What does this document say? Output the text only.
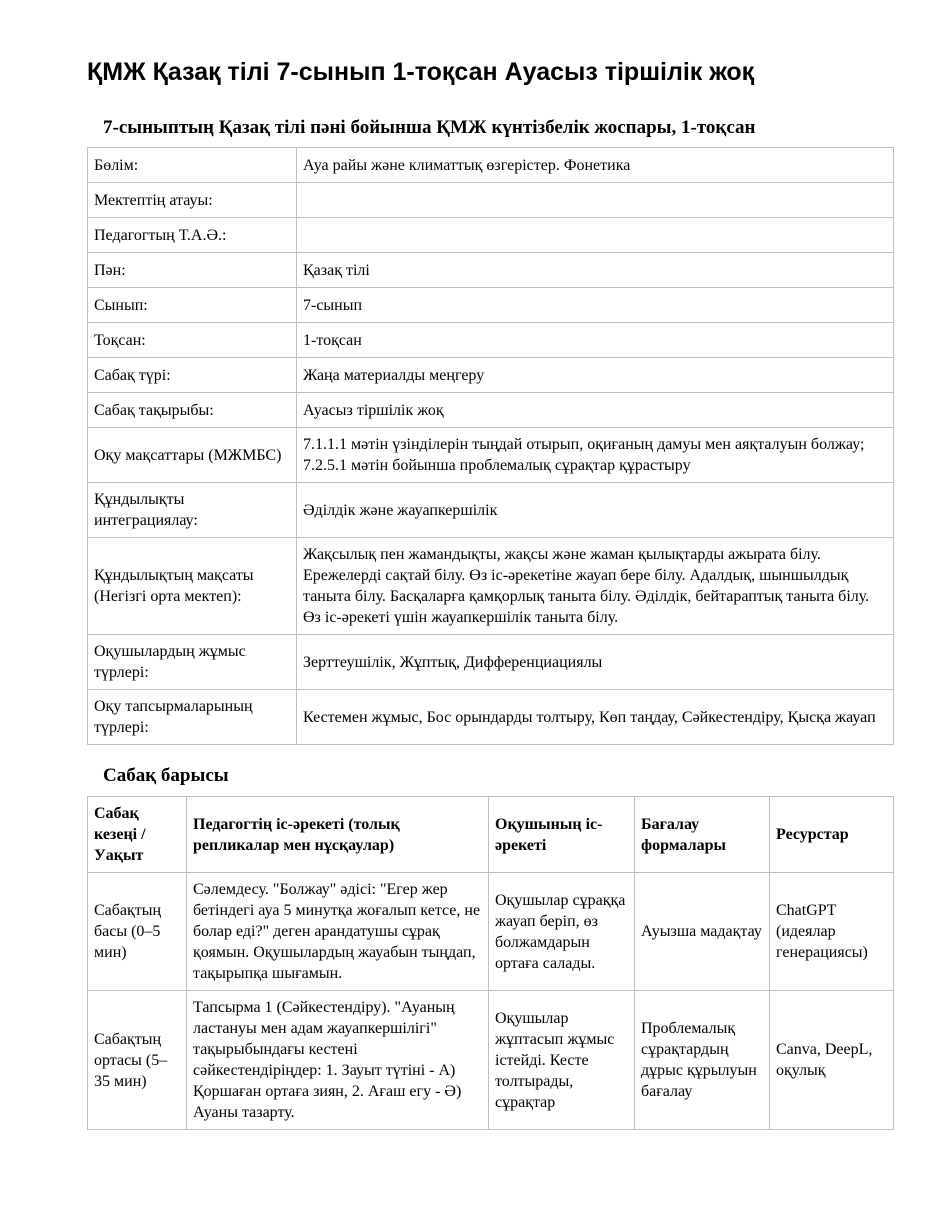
ҚМЖ Қазақ тілі 7-сынып 1-тоқсан Ауасыз тіршілік жоқ
7-сыныптың Қазақ тілі пәні бойынша ҚМЖ күнтізбелік жоспары, 1-тоқсан
Бөлім:	Ауа райы және климаттық өзгерістер. Фонетика
Мектептің атауы:	
Педагогтың Т.А.Ә.:	
Пән:	Қазақ тілі
Сынып:	7-сынып
Тоқсан:	1-тоқсан
Сабақ түрі:	Жаңа материалды меңгеру
Сабақ тақырыбы:	Ауасыз тіршілік жоқ
Оқу мақсаттары (МЖМБС)	7.1.1.1 мәтін үзінділерін тыңдай отырып, оқиғаның дамуы мен аяқталуын болжау; 7.2.5.1 мәтін бойынша проблемалық сұрақтар құрастыру
Құндылықты интеграциялау:	Әділдік және жауапкершілік
Құндылықтың мақсаты (Негізгі орта мектеп):	Жақсылық пен жамандықты, жақсы және жаман қылықтарды ажырата білу. Ережелерді сақтай білу. Өз іс-әрекетіне жауап бере білу. Адалдық, шыншылдық таныта білу. Басқаларға қамқорлық таныта білу. Әділдік, бейтараптық таныта білу. Өз іс-әрекеті үшін жауапкершілік таныта білу.
Оқушылардың жұмыс түрлері:	Зерттеушілік, Жұптық, Дифференциациялы
Оқу тапсырмаларының түрлері:	Кестемен жұмыс, Бос орындарды толтыру, Көп таңдау, Сәйкестендіру, Қысқа жауап
Сабақ барысы
Сабақ кезеңі / Уақыт	Педагогтің іс-әрекеті (толық репликалар мен нұсқаулар)	Оқушының іс-әрекеті	Бағалау формалары	Ресурстар
Сабақтың басы (0–5 мин)	Сәлемдесу. "Болжау" әдісі: "Егер жер бетіндегі ауа 5 минутқа жоғалып кетсе, не болар еді?" деген арандатушы сұрақ қоямын. Оқушылардың жауабын тыңдап, тақырыпқа шығамын.	Оқушылар сұраққа жауап беріп, өз болжамдарын ортаға салады.	Ауызша мадақтау	ChatGPT (идеялар генерациясы)
Сабақтың ортасы (5–35 мин)	Тапсырма 1 (Сәйкестендіру). "Ауаның ластануы мен адам жауапкершілігі" тақырыбындағы кестені сәйкестендіріңдер: 1. Зауыт түтіні - А) Қоршаған ортаға зиян, 2. Ағаш егу - Ә) Ауаны тазарту.	Оқушылар жұптасып жұмыс істейді. Кесте толтырады, сұрақтар	Проблемалық сұрақтардың дұрыс құрылуын бағалау	Canva, DeepL, оқулық
